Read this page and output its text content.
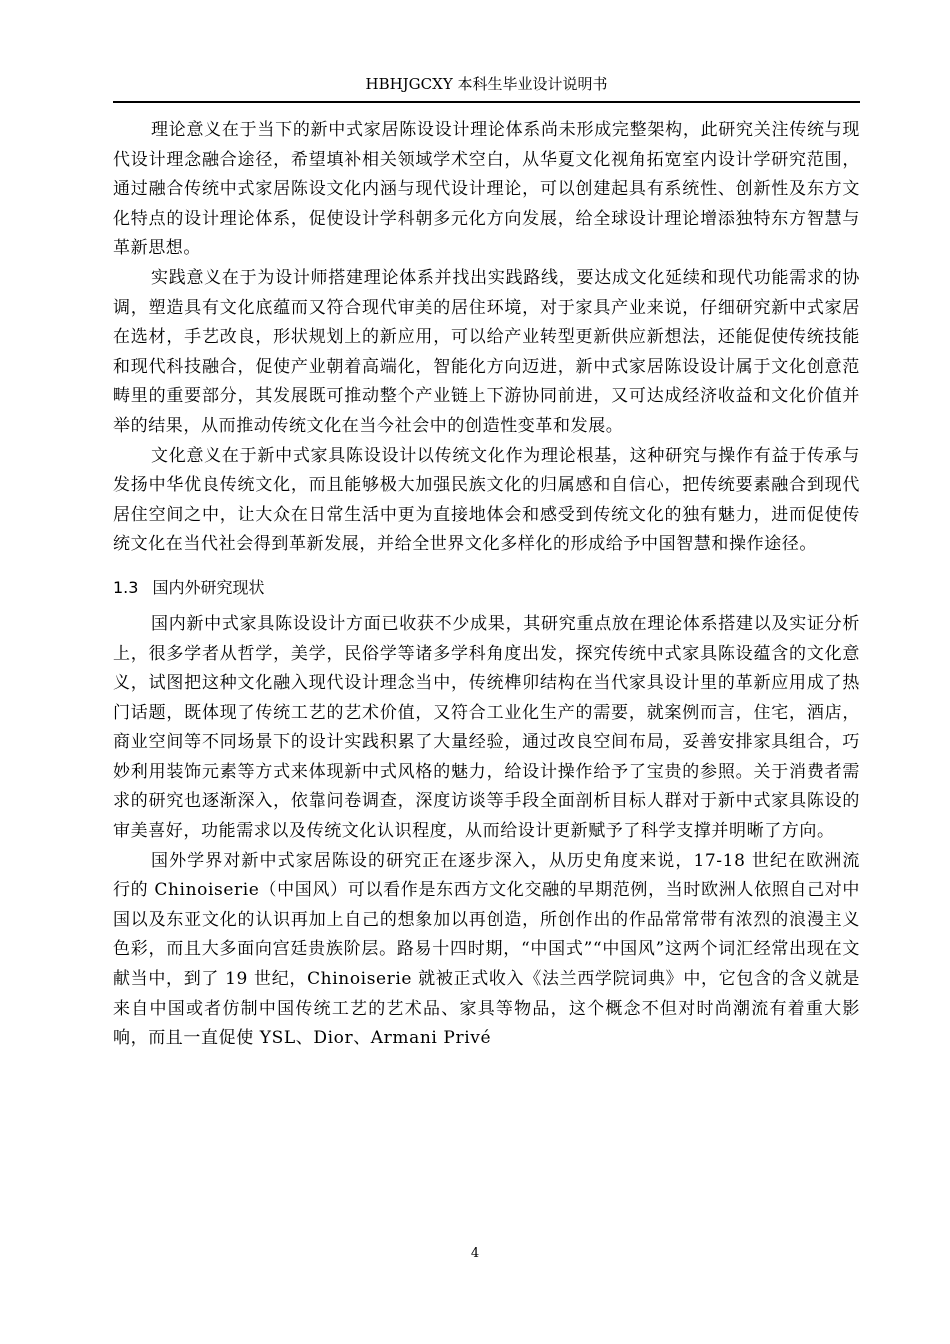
HBHJGCXY 本科生毕业设计说明书

理论意义在于当下的新中式家居陈设设计理论体系尚未形成完整架构，此研究关注传统与现代设计理念融合途径，希望填补相关领域学术空白，从华夏文化视角拓宽室内设计学研究范围，通过融合传统中式家居陈设文化内涵与现代设计理论，可以创建起具有系统性、创新性及东方文化特点的设计理论体系，促使设计学科朝多元化方向发展，给全球设计理论增添独特东方智慧与革新思想。

实践意义在于为设计师搭建理论体系并找出实践路线，要达成文化延续和现代功能需求的协调，塑造具有文化底蕴而又符合现代审美的居住环境，对于家具产业来说，仔细研究新中式家居在选材，手艺改良，形状规划上的新应用，可以给产业转型更新供应新想法，还能促使传统技能和现代科技融合，促使产业朝着高端化，智能化方向迈进，新中式家居陈设设计属于文化创意范畴里的重要部分，其发展既可推动整个产业链上下游协同前进，又可达成经济收益和文化价值并举的结果，从而推动传统文化在当今社会中的创造性变革和发展。

文化意义在于新中式家具陈设设计以传统文化作为理论根基，这种研究与操作有益于传承与发扬中华优良传统文化，而且能够极大加强民族文化的归属感和自信心，把传统要素融合到现代居住空间之中，让大众在日常生活中更为直接地体会和感受到传统文化的独有魅力，进而促使传统文化在当代社会得到革新发展，并给全世界文化多样化的形成给予中国智慧和操作途径。

1.3 国内外研究现状

国内新中式家具陈设设计方面已收获不少成果，其研究重点放在理论体系搭建以及实证分析上，很多学者从哲学，美学，民俗学等诸多学科角度出发，探究传统中式家具陈设蕴含的文化意义，试图把这种文化融入现代设计理念当中，传统榫卯结构在当代家具设计里的革新应用成了热门话题，既体现了传统工艺的艺术价值，又符合工业化生产的需要，就案例而言，住宅，酒店，商业空间等不同场景下的设计实践积累了大量经验，通过改良空间布局，妥善安排家具组合，巧妙利用装饰元素等方式来体现新中式风格的魅力，给设计操作给予了宝贵的参照。关于消费者需求的研究也逐渐深入，依靠问卷调查，深度访谈等手段全面剖析目标人群对于新中式家具陈设的审美喜好，功能需求以及传统文化认识程度，从而给设计更新赋予了科学支撑并明晰了方向。

国外学界对新中式家居陈设的研究正在逐步深入，从历史角度来说，17-18 世纪在欧洲流行的 Chinoiserie（中国风）可以看作是东西方文化交融的早期范例，当时欧洲人依照自己对中国以及东亚文化的认识再加上自己的想象加以再创造，所创作出的作品常常带有浓烈的浪漫主义色彩，而且大多面向宫廷贵族阶层。路易十四时期，“中国式”“中国风”这两个词汇经常出现在文献当中，到了 19 世纪，Chinoiserie 就被正式收入《法兰西学院词典》中，它包含的含义就是来自中国或者仿制中国传统工艺的艺术品、家具等物品，这个概念不但对时尚潮流有着重大影响，而且一直促使 YSL、Dior、Armani Privé

4
